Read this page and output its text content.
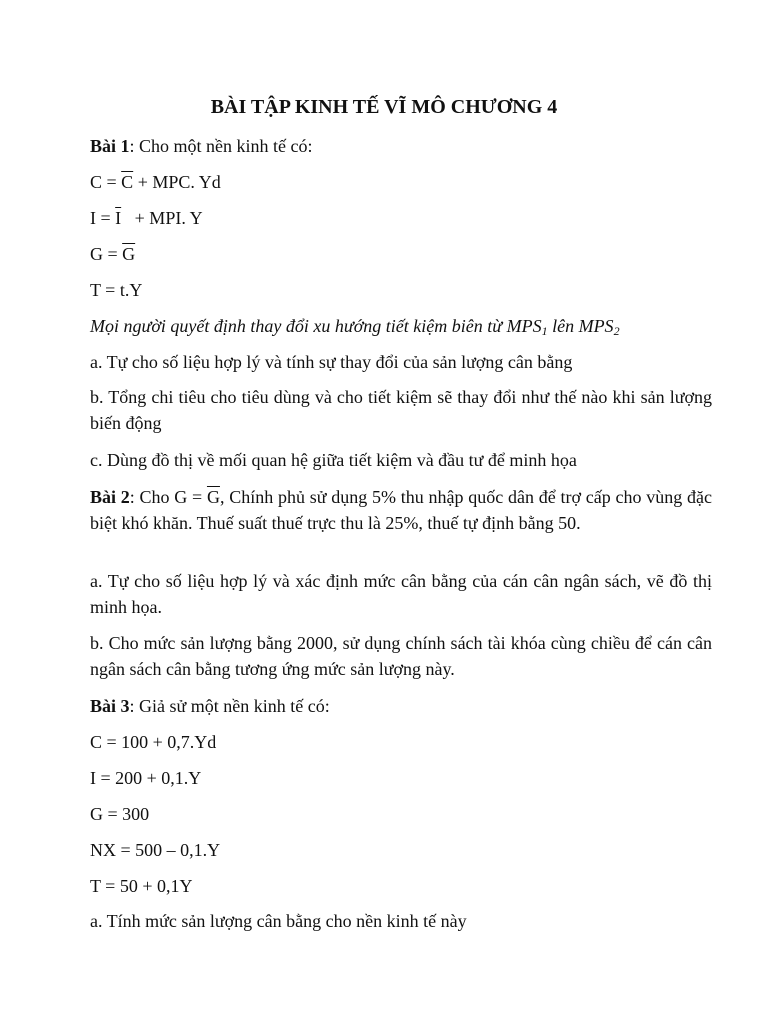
BÀI TẬP KINH TẾ VĨ MÔ CHƯƠNG 4
Bài 1: Cho một nền kinh tế có:
$C = \overline{C}$ + MPC. Yd
$I = \overline{I}$   + MPI. Y
$G = \overline{G}$
T = t.Y
Mọi người quyết định thay đổi xu hướng tiết kiệm biên từ $MPS_1$ lên $MPS_2$
a. Tự cho số liệu hợp lý và tính sự thay đổi của sản lượng cân bằng
b. Tổng chi tiêu cho tiêu dùng và cho tiết kiệm sẽ thay đổi như thế nào khi sản lượng biến động
c. Dùng đồ thị về mối quan hệ giữa tiết kiệm và đầu tư để minh họa
Bài 2: Cho $G = \overline{G}$, Chính phủ sử dụng 5% thu nhập quốc dân để trợ cấp cho vùng đặc biệt khó khăn. Thuế suất thuế trực thu là 25%, thuế tự định bằng 50.
a. Tự cho số liệu hợp lý và xác định mức cân bằng của cán cân ngân sách, vẽ đồ thị minh họa.
b. Cho mức sản lượng bằng 2000, sử dụng chính sách tài khóa cùng chiều để cán cân ngân sách cân bằng tương ứng mức sản lượng này.
Bài 3: Giả sử một nền kinh tế có:
C = 100 + 0,7.Yd
I = 200 + 0,1.Y
G = 300
NX = 500 – 0,1.Y
T = 50 + 0,1Y
a. Tính mức sản lượng cân bằng cho nền kinh tế này
